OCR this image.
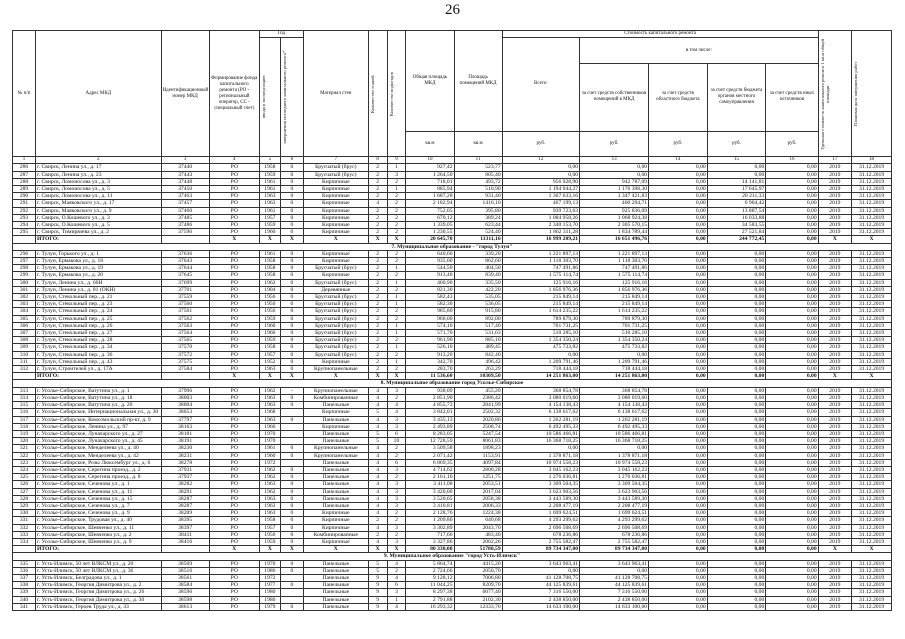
26
№ п/п	Адрес МКД	Идентификационный номер МКД	Формирование фонда капитального ремонта (РО - региональный оператор, СС - специальный счет)	Год		Материал стен	Количество этажей	Количество подъездов	Общая площадь МКД	Площадь помещений МКД	Стоимость капитального ремонта					Удельная стоимость капитального ремонта 1 кв.м общей площади	Плановая дата завершения работ

				ввода в эксплуатацию	завершения последнего капитального ремонта*						Всего:	в том числе:					
												за счет средств собственников помещений в МКД	за счет средств областного бюджета	за счет средств бюджета органов местного самоуправления	за счет средств иных источников		
									кв.м	кв.м	руб.	руб.	руб.	руб.	руб.		
1	2	3	4	5	6	7	8	9	10	11	12	13	14	15	16	17	18
286	г. Свирск, Ленина ул., д. 17	37440	РО	1958	0	Брусчатый (брус)	2	1	927,42	523,77	0,00	0,00	0,00	0,00	0,00	2019	31.12.2019
287	г. Свирск, Ленина ул., д. 23	37443	РО	1959	0	Брусчатый (брус)	2	3	1 264,50	805,40	0,00	0,00	0,00	0,00	0,00	2019	31.12.2019
288	г. Свирск, Ломоносова ул., д. 3	37448	РО	1961	0	Кирпичные	2	2	718,01	493,72	956 928,90	942 787,09	0,00	14 141,81	0,00	2019	31.12.2019
289	г. Свирск, Ломоносова ул., д. 5	37450	РО	1961	0	Кирпичные	2	1	885,94	510,90	1 194 044,27	1 176 398,30	0,00	17 645,97	0,00	2019	31.12.2019
290	г. Свирск, Ломоносова ул., д. 11	37463	РО	1963	0	Кирпичные	2	2	1 687,28	931,40	1 367 633,16	1 347 421,83	0,00	20 211,33	0,00	2019	31.12.2019
291	г. Свирск, Маяковского ул., д. 17	37457	РО	1963	0	Кирпичные	4	2	2 182,94	1416,10	467 199,13	460 294,71	0,00	6 904,42	0,00	2019	31.12.2019
292	г. Свирск, Маяковского ул., д. 9	37460	РО	1961	0	Кирпичные	2	2	752,05	395,80	939 723,63	925 836,09	0,00	13 887,54	0,00	2019	31.12.2019
293	г. Свирск, О.Кошевого ул., д. 3	37485	РО	1957	0	Кирпичные	2	2	670,12	389,24	1 084 958,26	1 068 924,38	0,00	16 033,88	0,00	2019	31.12.2019
294	г. Свирск, О.Кошевого ул., д. 5	37486	РО	1959	0	Кирпичные	2	2	1 339,05	623,44	2 340 153,70	2 305 570,15	0,00	34 583,55	0,00	2019	31.12.2019
295	г. Свирск, Тимирязева ул., д. 2	37596	РО	1960	0	Кирпичные	2	2	1 230,55	524,40	1 862 311,28	1 834 789,44	0,00	27 521,84	0,00	2019	31.12.2019
	ИТОГО:		X	X	X	X	X	X	20 645,70	11311,16	16 999 209,21	16 651 496,76	0,00	244 772,45	0,00	X	X
7. Муниципальное образование - "город Тулун"																	
296	г. Тулун, Горького ул., д. 1	37636	РО	1961	0	Кирпичные	2	2	640,60	339,20	1 221 897,13	1 221 897,13	0,00	0,00	0,00	2019	31.12.2019
297	г. Тулун, Ермакова ул., д. 18	37643	РО	1958	0	Кирпичные	2	2	935,00	862,60	1 118 303,70	1 118 303,70	0,00	0,00	0,00	2019	31.12.2019
298	г. Тулун, Ермакова ул., д. 19	37644	РО	1958	0	Брусчатый (брус)	2	1	544,50	404,50	747 491,86	747 491,86	0,00	0,00	0,00	2019	31.12.2019
299	г. Тулун, Ермакова ул., д. 20	37645	РО	1958	0	Кирпичные	2	2	913,40	839,40	1 575 114,74	1 575 114,74	0,00	0,00	0,00	2019	31.12.2019
300	г. Тулун, Ленина ул., д. 66Н	37699	РО	1962	0	Брусчатый (брус)	2	1	460,90	335,50	125 916,16	125 916,16	0,00	0,00	0,00	2019	31.12.2019
301	г. Тулун, Ленина ул., д. 81 (ОКН)	37701	РО	1904	0	Деревянные	2	2	821,30	422,20	1 856 976,36	1 856 976,36	0,00	0,00	0,00	2019	31.12.2019
302	г. Тулун, Стекольный пер., д. 21	37559	РО	1956	0	Брусчатый (брус)	2	1	582,43	535,05	215 849,14	215 849,14	0,00	0,00	0,00	2019	31.12.2019
303	г. Тулун, Стекольный пер., д. 23	37560	РО	1956	0	Брусчатый (брус)	2	1	582,30	536,05	215 849,14	215 849,14	0,00	0,00	0,00	2019	31.12.2019
304	г. Тулун, Стекольный пер., д. 24	37561	РО	1956	0	Брусчатый (брус)	2	2	985,80	915,80	1 614 235,22	1 614 235,22	0,00	0,00	0,00	2019	31.12.2019
305	г. Тулун, Стекольный пер., д. 25	37562	РО	1959	0	Брусчатый (брус)	2	2	966,00	892,00	789 879,30	789 879,30	0,00	0,00	0,00	2019	31.12.2019
306	г. Тулун, Стекольный пер., д. 26	37563	РО	1960	0	Брусчатый (брус)	2	1	574,10	517,40	701 731,25	701 731,25	0,00	0,00	0,00	2019	31.12.2019
307	г. Тулун, Стекольный пер., д. 27	37564	РО	1960	0	Брусчатый (брус)	2	1	571,70	531,63	510 285,10	510 285,10	0,00	0,00	0,00	2019	31.12.2019
308	г. Тулун, Стекольный пер., д. 28	37565	РО	1959	0	Брусчатый (брус)	2	2	961,90	885,10	1 354 350,24	1 354 350,24	0,00	0,00	0,00	2019	31.12.2019
309	г. Тулун, Стекольный пер., д. 34	37570	РО	1958	0	Брусчатый (брус)	2	1	526,10	489,45	475 733,82	475 733,82	0,00	0,00	0,00	2019	31.12.2019
310	г. Тулун, Стекольный пер., д. 36	37572	РО	1957	0	Брусчатый (брус)	2	2	913,20	842,40	0,00	0,00	0,00	0,00	0,00	2019	31.12.2019
311	г. Тулун, Стекольный пер., д. 43	37575	РО	1952	0	Кирпичные	2	1	342,70	496,42	1 209 791,46	1 209 791,46	0,00	0,00	0,00	2019	31.12.2019
312	г. Тулун, Строителей ул., д. 17А	37584	РО	1963	0	Крупнопанельные	2	2	283,70	263,29	718 444,18	718 444,18	0,00	0,00	0,00	2019	31.12.2019
	ИТОГО:		X	X	X	X	X	X	11 536,60	10309,50	14 251 863,00	14 251 863,00	0,00	0,00	0,00	X	X
8. Муниципальное образование город Усолье-Сибирское																	
313	г. Усолье-Сибирское, Ватутина ул., д. 1	37996	РО	1962	-	Крупнопанельные	4	3	938,09	455,20	368 854,78	368 854,78	0,00	0,00	0,00	2019	31.12.2019
314	г. Усолье-Сибирское, Ватутина ул., д. 18	38003	РО	1963	0	Комбинированные	4	2	2 851,90	2386,42	3 080 019,60	3 080 019,60	0,00	0,00	0,00	2019	31.12.2019
315	г. Усолье-Сибирское, Ватутина ул., д. 20	38004	РО	1963	0	Панельные	4	4	4 855,73	2841,99	4 154 138,43	4 154 138,43	0,00	0,00	0,00	2019	31.12.2019
316	г. Усолье-Сибирское, Интернациональная ул., д. 30	38053	РО	1968		Кирпичные	5	4	3 842,01	2502,32	6 138 617,62	6 138 617,62	0,00	0,00	0,00	2019	31.12.2019
317	г. Усолье-Сибирское, Комсомольский пр-кт, д. 9	37797	РО	1963	0	Панельные	4	3	3 435,13	2020,86	1 262 281,19	1 262 281,19	0,00	0,00	0,00	2019	31.12.2019
318	г. Усолье-Сибирское, Ленина ул., д. 97	38163	РО	1966		Кирпичные	4	3	2 493,89	2508,74	6 492 495,33	6 492 495,33	0,00	0,00	0,00	2019	31.12.2019
319	г. Усолье-Сибирское, Луначарского ул., д. 27	38181	РО	1970		Панельные	5	6	8 283,05	5247,54	10 586 466,81	10 586 466,81	0,00	0,00	0,00	2019	31.12.2019
320	г. Усолье-Сибирское, Луначарского ул., д. 45	38191	РО	1970		Панельные	5	10	12 728,59	8061,83	16 368 718,25	16 368 718,25	0,00	0,00	0,00	2019	31.12.2019
321	г. Усолье-Сибирское, Менделеева ул., д. 40	38230	РО	1961	0	Крупнопанельные	4	2	3 509,58	1898,23	0,00	0,00	0,00	0,00	0,00	2019	31.12.2019
322	г. Усолье-Сибирское, Менделеева ул., д. 42	38231	РО	1960	0	Крупнопанельные	4	2	2 071,42	1153,91	1 378 871,18	1 378 871,18	0,00	0,00	0,00	2019	31.12.2019
323	г. Усолье-Сибирское, Розы Люксембург ул., д. 6	38278	РО	1972		Панельные	4	6	6 869,35	4097,84	10 974 558,23	10 974 558,23	0,00	0,00	0,00	2019	31.12.2019
324	г. Усолье-Сибирское, Серегина проезд., д. 2	37931	РО	1962	0	Панельные	4	3	4 714,62	2800,28	3 045 162,23	3 045 162,23	0,00	0,00	0,00	2019	31.12.2019
325	г. Усолье-Сибирское, Серегина проезд., д. 8	37937	РО	1962	0	Панельные	4	2	2 161,10	1251,75	1 276 036,81	1 276 036,81	0,00	0,00	0,00	2019	31.12.2019
326	г. Усолье-Сибирское, Сеченова ул., д. 1	38282	РО	1963	0	Панельные	4	3	3 411,08	2053,51	3 309 504,35	3 309 504,35	0,00	0,00	0,00	2019	31.12.2019
327	г. Усолье-Сибирское, Сеченова ул., д. 11	38291	РО	1962	0	Панельные	4	3	3 420,00	2017,04	3 623 903,56	3 623 903,56	0,00	0,00	0,00	2019	31.12.2019
328	г. Усолье-Сибирское, Сеченова ул., д. 15	38287	РО	1963	0	Панельные	4	3	3 520,65	2058,38	3 443 589,30	3 443 589,30	0,00	0,00	0,00	2019	31.12.2019
329	г. Усолье-Сибирское, Сеченова ул., д. 7	38287	РО	1963	0	Панельные	4	3	3 410,81	2006,33	2 208 477,19	2 208 477,19	0,00	0,00	0,00	2019	31.12.2019
330	г. Усолье-Сибирское, Сеченова ул., д. 9	38289	РО	1963	0	Кирпичные	4	2	2 128,76	1224,38	1 699 624,51	1 699 624,51	0,00	0,00	0,00	2019	31.12.2019
331	г. Усолье-Сибирское, Трудовая ул., д. 40	38395	РО	1958	0	Кирпичные	2	2	1 209,80	640,68	4 293 299,62	4 293 299,62	0,00	0,00	0,00	2019	31.12.2019
332	г. Усолье-Сибирское, Шевченко ул., д. 11	38397	РО	1957	0	Кирпичные	4	3	3 302,89	2043,70	2 696 508,69	2 696 508,69	0,00	0,00	0,00	2019	31.12.2019
333	г. Усолье-Сибирское, Шевченко ул., д. 2	38411	РО	1956	0	Комбинированные	2	2	717,66	483,40	678 236,86	678 236,86	0,00	0,00	0,00	2019	31.12.2019
334	г. Усолье-Сибирское, Шевченко ул., д. 9	38416	РО	1959	0	Кирпичные	4	3	3 327,86	2062,26	2 755 582,47	2 755 582,47	0,00	0,00	0,00	2019	31.12.2019
	ИТОГО:		X	X	X	X	X	X	80 330,00	51780,59	89 734 347,00	89 734 347,00	0,00	0,00	0,00	X	X
9. Муниципальное образование "город Усть-Илимск"																	
335	г. Усть-Илимск, 50 лет ВЛКСМ ул., д. 20	38509	РО	1970	0	Панельные	5	4	5 864,74	4415,20	3 643 963,41	3 643 963,41	0,00	0,00	0,00	2019	31.12.2019
336	г. Усть-Илимск, 50 лет ВЛКСМ ул., д. 36	38516	РО	1986	0	Панельные	5	2	2 724,66	2050,70	0,00	0,00	0,00	0,00	0,00	2019	31.12.2019
337	г. Усть-Илимск, Белградова ул., д. 1	38561	РО	1972		Панельные	9	4	9 128,12	7006,80	41 128 708,75	41 128 708,75	0,00	0,00	0,00	2019	31.12.2019
338	г. Усть-Илимск, Георгия Димитрова ул., д. 2	38584	РО	1977	0	Панельные	9	6	11 044,25	8209,70	44 125 839,61	44 125 839,61	0,00	0,00	0,00	2019	31.12.2019
339	г. Усть-Илимск, Георгия Димитрова ул., д. 26	38596	РО	1980		Панельные	9	3	8 297,38	6077,40	7 316 550,00	7 316 550,00	0,00	0,00	0,00	2019	31.12.2019
340	г. Усть-Илимск, Георгия Димитрова ул., д. 30	38598	РО	1980		Панельные	9	1	2 791,88	2102,30	2 438 850,00	2 438 850,00	0,00	0,00	0,00	2019	31.12.2019
341	г. Усть-Илимск, Героев Труда ул., д. 33	38613	РО	1979	0	Панельные	9	4	16 293,32	12333,70	14 633 100,00	14 633 100,00	0,00	0,00	0,00	2019	31.12.2019
